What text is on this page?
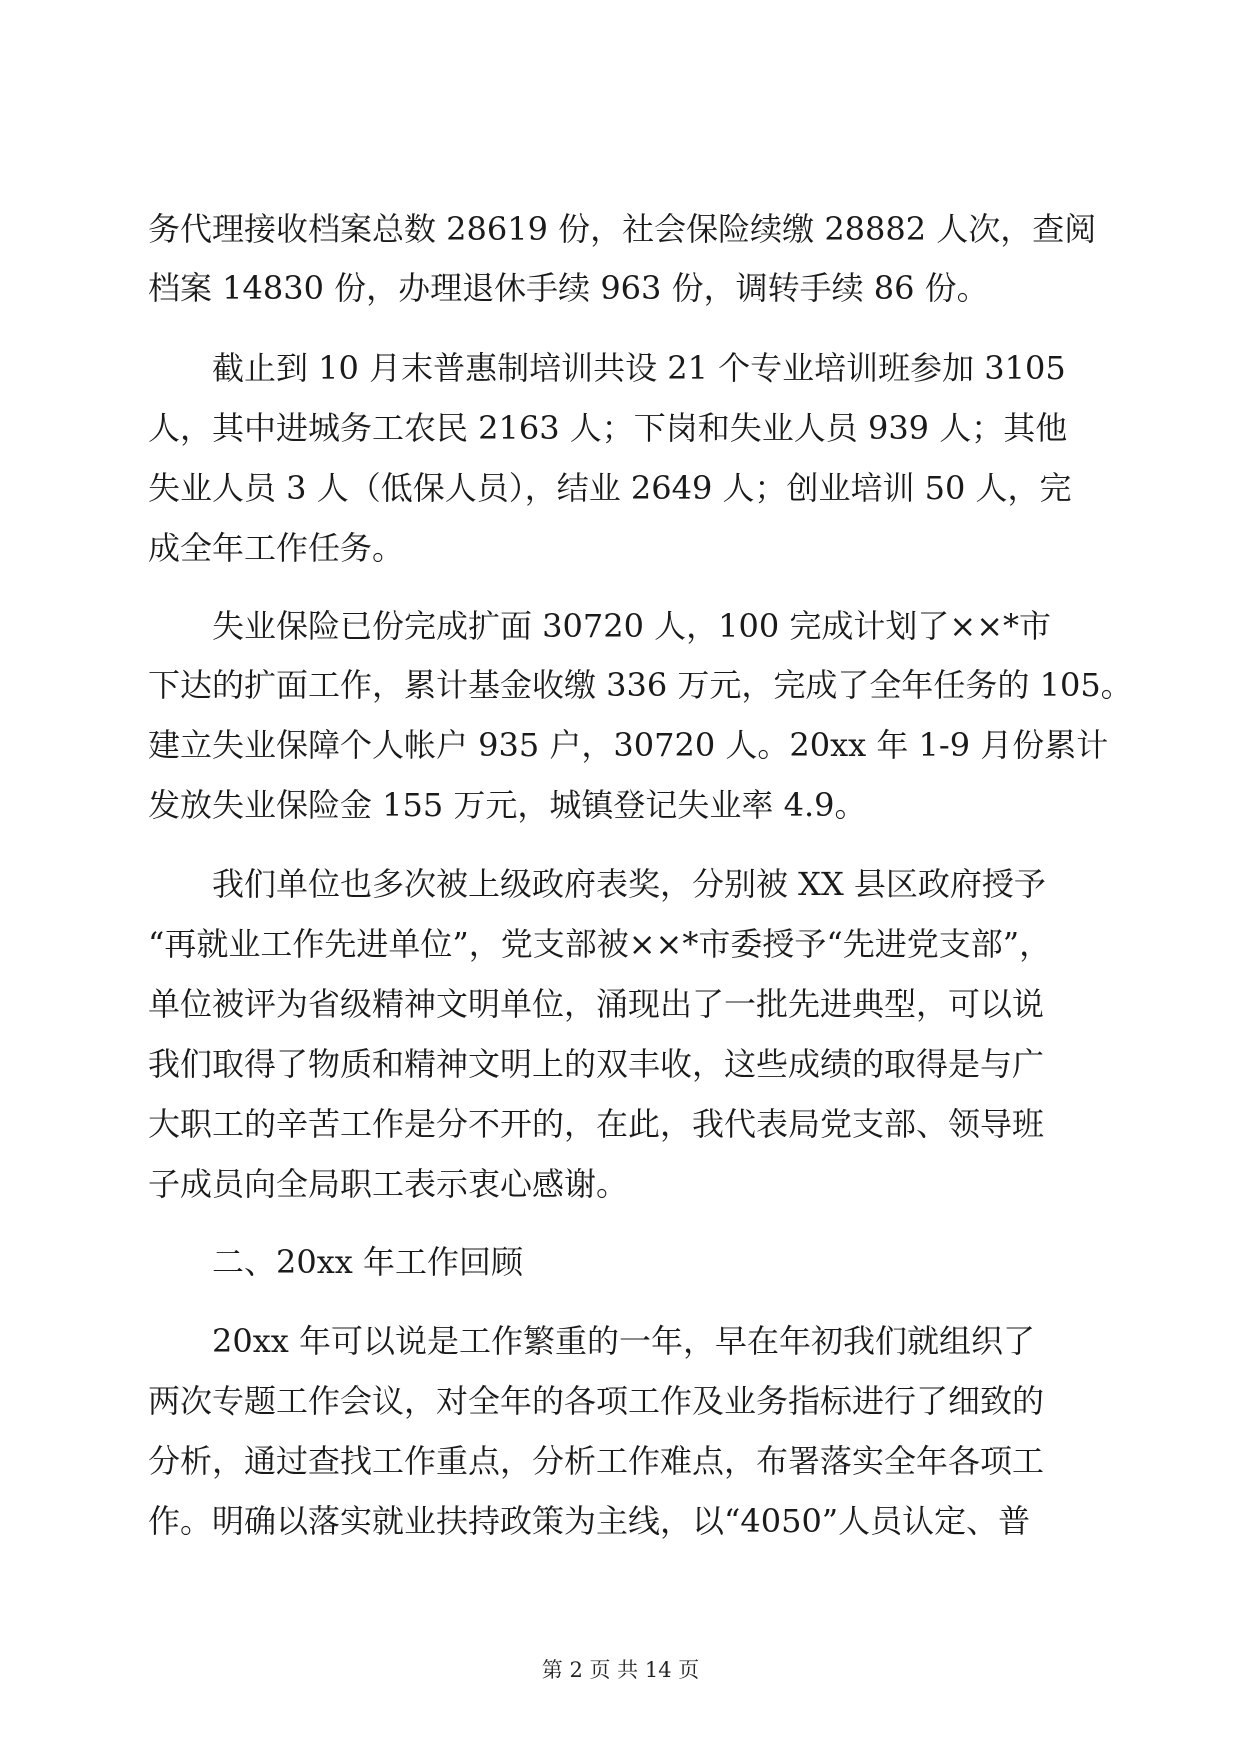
务代理接收档案总数 28619 份，社会保险续缴 28882 人次，查阅
档案 14830 份，办理退休手续 963 份，调转手续 86 份。
截止到 10 月末普惠制培训共设 21 个专业培训班参加 3105
人，其中进城务工农民 2163 人；下岗和失业人员 939 人；其他
失业人员 3 人（低保人员），结业 2649 人；创业培训 50 人，完
成全年工作任务。
失业保险已份完成扩面 30720 人，100 完成计划了××*市
下达的扩面工作，累计基金收缴 336 万元，完成了全年任务的 105。
建立失业保障个人帐户 935 户，30720 人。20xx 年 1-9 月份累计
发放失业保险金 155 万元，城镇登记失业率 4.9。
我们单位也多次被上级政府表奖，分别被 XX 县区政府授予
“再就业工作先进单位”，党支部被××*市委授予“先进党支部”，
单位被评为省级精神文明单位，涌现出了一批先进典型，可以说
我们取得了物质和精神文明上的双丰收，这些成绩的取得是与广
大职工的辛苦工作是分不开的，在此，我代表局党支部、领导班
子成员向全局职工表示衷心感谢。
二、20xx 年工作回顾
20xx 年可以说是工作繁重的一年，早在年初我们就组织了
两次专题工作会议，对全年的各项工作及业务指标进行了细致的
分析，通过查找工作重点，分析工作难点，布署落实全年各项工
作。明确以落实就业扶持政策为主线，以“4050”人员认定、普
第 2 页 共 14 页
